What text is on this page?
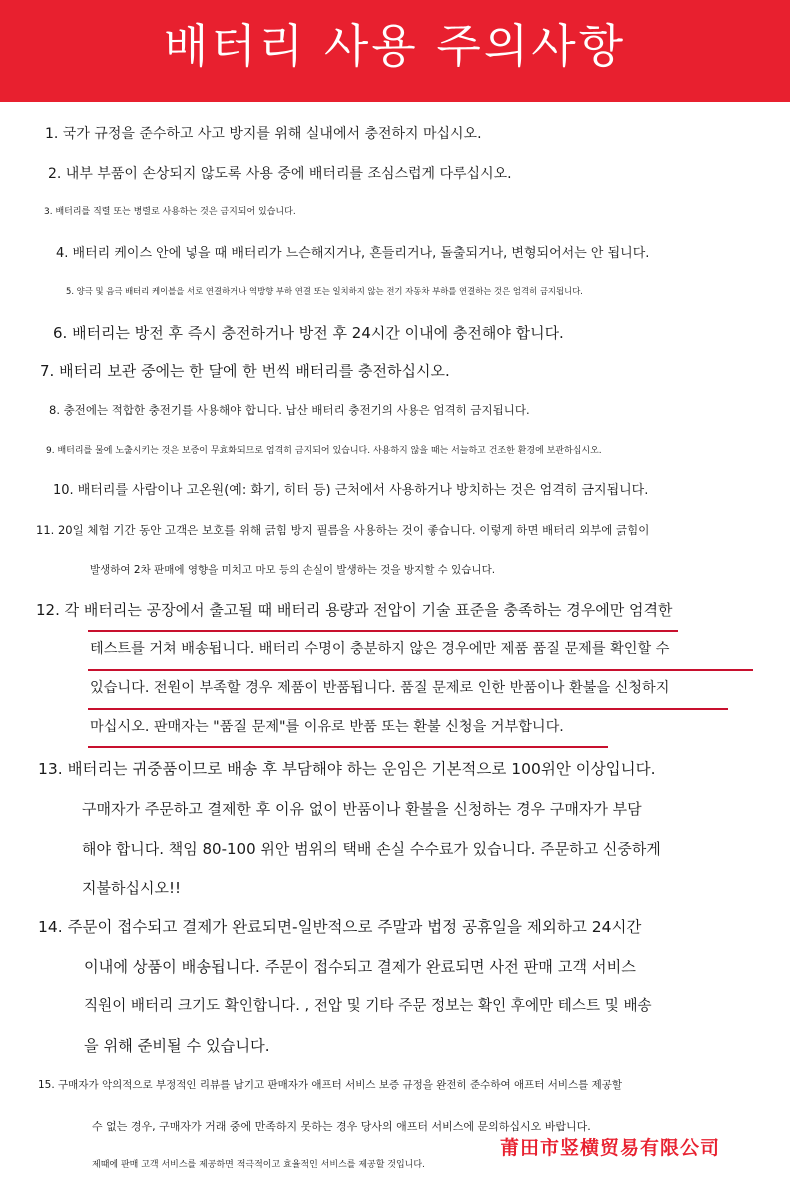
배터리 사용 주의사항
1. 국가 규정을 준수하고 사고 방지를 위해 실내에서 충전하지 마십시오.
2. 내부 부품이 손상되지 않도록 사용 중에 배터리를 조심스럽게 다루십시오.
3. 배터리를 직렬 또는 병렬로 사용하는 것은 금지되어 있습니다.
4. 배터리 케이스 안에 넣을 때 배터리가 느슨해지거나, 흔들리거나, 돌출되거나, 변형되어서는 안 됩니다.
5. 양극 및 음극 배터리 케이블을 서로 연결하거나 역방향 부하 연결 또는 일치하지 않는 전기 자동차 부하를 연결하는 것은 엄격히 금지됩니다.
6. 배터리는 방전 후 즉시 충전하거나 방전 후 24시간 이내에 충전해야 합니다.
7. 배터리 보관 중에는 한 달에 한 번씩 배터리를 충전하십시오.
8. 충전에는 적합한 충전기를 사용해야 합니다. 납산 배터리 충전기의 사용은 엄격히 금지됩니다.
9. 배터리를 물에 노출시키는 것은 보증이 무효화되므로 엄격히 금지되어 있습니다. 사용하지 않을 때는 서늘하고 건조한 환경에 보관하십시오.
10. 배터리를 사람이나 고온원(예: 화기, 히터 등) 근처에서 사용하거나 방치하는 것은 엄격히 금지됩니다.
11. 20일 체험 기간 동안 고객은 보호를 위해 긁힘 방지 필름을 사용하는 것이 좋습니다. 이렇게 하면 배터리 외부에 긁힘이
발생하여 2차 판매에 영향을 미치고 마모 등의 손실이 발생하는 것을 방지할 수 있습니다.
12. 각 배터리는 공장에서 출고될 때 배터리 용량과 전압이 기술 표준을 충족하는 경우에만 엄격한
테스트를 거쳐 배송됩니다. 배터리 수명이 충분하지 않은 경우에만 제품 품질 문제를 확인할 수
있습니다. 전원이 부족할 경우 제품이 반품됩니다. 품질 문제로 인한 반품이나 환불을 신청하지
마십시오. 판매자는 "품질 문제"를 이유로 반품 또는 환불 신청을 거부합니다.
13. 배터리는 귀중품이므로 배송 후 부담해야 하는 운임은 기본적으로 100위안 이상입니다.
구매자가 주문하고 결제한 후 이유 없이 반품이나 환불을 신청하는 경우 구매자가 부담
해야 합니다. 책임 80-100 위안 범위의 택배 손실 수수료가 있습니다. 주문하고 신중하게
지불하십시오!!
14. 주문이 접수되고 결제가 완료되면-일반적으로 주말과 법정 공휴일을 제외하고 24시간
이내에 상품이 배송됩니다. 주문이 접수되고 결제가 완료되면 사전 판매 고객 서비스
직원이 배터리 크기도 확인합니다. , 전압 및 기타 주문 정보는 확인 후에만 테스트 및 배송
을 위해 준비될 수 있습니다.
15. 구매자가 악의적으로 부정적인 리뷰를 남기고 판매자가 애프터 서비스 보증 규정을 완전히 준수하여 애프터 서비스를 제공할
수 없는 경우, 구매자가 거래 중에 만족하지 못하는 경우 당사의 애프터 서비스에 문의하십시오 바랍니다.
제때에 판매 고객 서비스를 제공하면 적극적이고 효율적인 서비스를 제공할 것입니다.
莆田市竖横贸易有限公司
